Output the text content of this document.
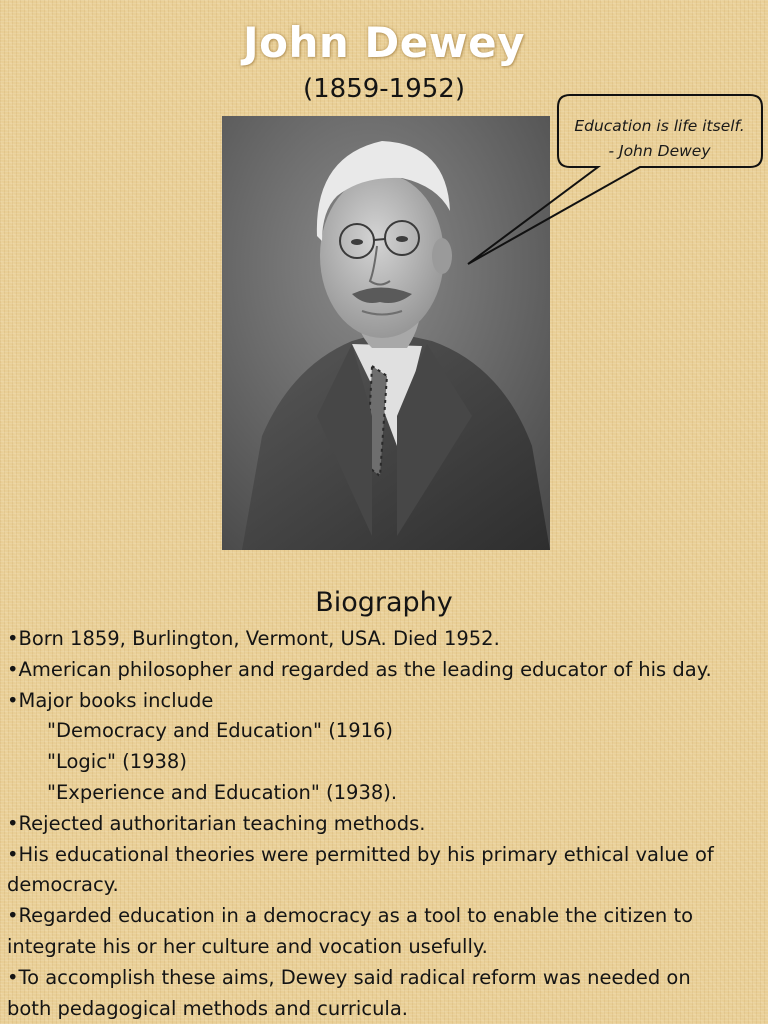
John Dewey
(1859-1952)
Education is life itself.
- John Dewey
Biography
•Born 1859, Burlington, Vermont, USA. Died 1952.
•American philosopher and regarded as the leading educator of his day.
•Major books include
"Democracy and Education" (1916)
"Logic" (1938)
"Experience and Education" (1938).
•Rejected authoritarian teaching methods.
•His educational theories were permitted by his primary ethical value of
democracy.
•Regarded education in a democracy as a tool to enable the citizen to
integrate his or her culture and vocation usefully.
•To accomplish these aims, Dewey said radical reform was needed on
both pedagogical methods and curricula.
